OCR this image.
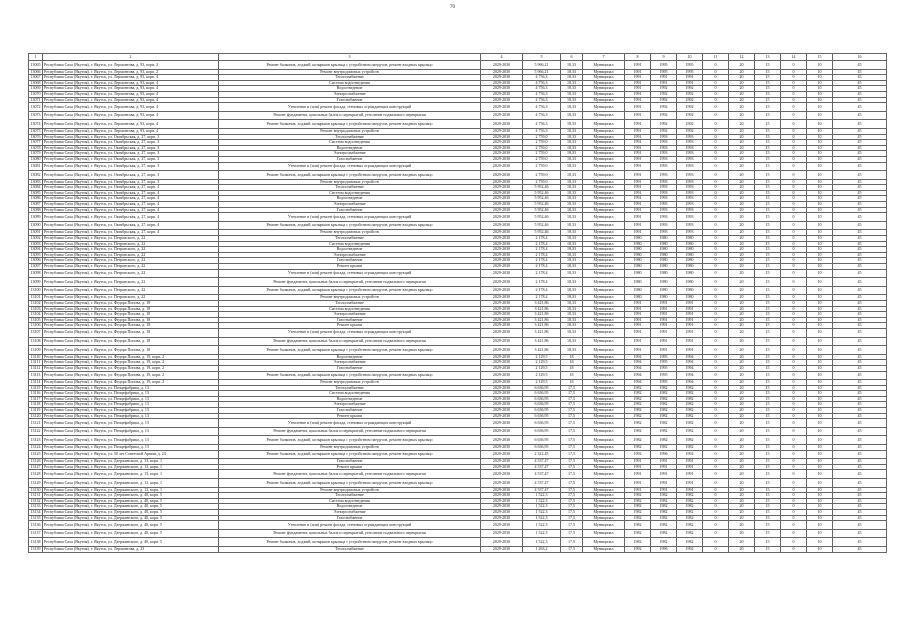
70
1	2	3	4	5	6	7	8	9	10	11	12	13	14	15	16
13065	Республика Саха (Якутия), г. Якутск, ул. Лермонтова, д. 93, корп. 2	Ремонт балконов, лоджий, козырьков крыльца с устройством пандусов, ремонт входных крыльцо	2029-2030	5 966,21	18,33	Муниципал	1991	1995	1995	0	20	15	0	10	45
13066	Республика Саха (Якутия), г. Якутск, ул. Лермонтова, д. 93, корп. 2	Ремонт внутридомовых устройств	2029-2030	5 966,21	18,33	Муниципал	1991	1995	1995	0	20	15	0	10	45
13067	Республика Саха (Якутия), г. Якутск, ул. Лермонтова, д. 93, корп. 4	Теплоснабжение	2029-2030	4 756,3	18,33	Муниципал	1991	1991	1991	0	20	15	0	10	45
13068	Республика Саха (Якутия), г. Якутск, ул. Лермонтова, д. 93, корп. 4	Система водоотведения	2029-2030	4 756,3	18,33	Муниципал	1991	1991	1991	0	20	15	0	10	45
13069	Республика Саха (Якутия), г. Якутск, ул. Лермонтова, д. 93, корп. 4	Водоотведение	2029-2030	4 756,3	18,33	Муниципал	1991	1992	1992	0	20	15	0	10	45
13070	Республика Саха (Якутия), г. Якутск, ул. Лермонтова, д. 93, корп. 4	Электроснабжение	2029-2030	4 756,3	18,33	Муниципал	1991	1992	1992	0	20	15	0	10	45
13071	Республика Саха (Якутия), г. Якутск, ул. Лермонтова, д. 93, корп. 4	Газоснабжение	2029-2030	4 756,3	18,33	Муниципал	1991	1992	1992	0	20	15	0	10	45
13072	Республика Саха (Якутия), г. Якутск, ул. Лермонтова, д. 93, корп. 4	Утепление и (или) ремонт фасада, стеновых ограждающих конструкций	2029-2030	4 756,3	18,33	Муниципал	1991	1992	1992	0	20	15	0	10	45
13073	Республика Саха (Якутия), г. Якутск, ул. Лермонтова, д. 93, корп. 4	Ремонт фундамента, цокольных балок и перекрытий, утепление подвального перекрытия	2029-2030	4 756,3	18,33	Муниципал	1991	1992	1992	0	20	15	0	10	45
13074	Республика Саха (Якутия), г. Якутск, ул. Лермонтова, д. 93, корп. 4	Ремонт балконов, лоджий, козырьков крыльца с устройством пандусов, ремонт входных крыльцо	2029-2030	4 756,3	18,33	Муниципал	1991	1992	1992	0	20	15	0	10	45
13075	Республика Саха (Якутия), г. Якутск, ул. Лермонтова, д. 93, корп. 4	Ремонт внутридомовых устройств	2029-2030	4 756,3	18,33	Муниципал	1991	1992	1992	0	20	15	0	10	45
13076	Республика Саха (Якутия), г. Якутск, ул. Октябрьская, д. 27, корп. 3	Теплоснабжение	2029-2030	2 759,0	18,33	Муниципал	1991	1993	1993	0	20	15	0	10	45
13077	Республика Саха (Якутия), г. Якутск, ул. Октябрьская, д. 27, корп. 3	Система водоотведения	2029-2030	2 759,0	18,33	Муниципал	1991	1993	1993	0	20	15	0	10	45
13078	Республика Саха (Якутия), г. Якутск, ул. Октябрьская, д. 27, корп. 3	Водоотведение	2029-2030	2 759,0	18,33	Муниципал	1991	1993	1993	0	20	15	0	10	45
13079	Республика Саха (Якутия), г. Якутск, ул. Октябрьская, д. 27, корп. 3	Электроснабжение	2029-2030	2 759,0	18,33	Муниципал	1991	1993	1993	0	20	15	0	10	45
13080	Республика Саха (Якутия), г. Якутск, ул. Октябрьская, д. 27, корп. 3	Газоснабжение	2029-2030	2 759,0	18,33	Муниципал	1991	1993	1993	0	20	15	0	10	45
13081	Республика Саха (Якутия), г. Якутск, ул. Октябрьская, д. 27, корп. 3	Утепление и (или) ремонт фасада, стеновых ограждающих конструкций	2029-2030	2 759,0	18,33	Муниципал	1991	1993	1993	0	20	15	0	10	45
13082	Республика Саха (Якутия), г. Якутск, ул. Октябрьская, д. 27, корп. 3	Ремонт балконов, лоджий, козырьков крыльца с устройством пандусов, ремонт входных крыльцо	2029-2030	2 759,0	18,33	Муниципал	1991	1993	1993	0	20	15	0	10	45
13083	Республика Саха (Якутия), г. Якутск, ул. Октябрьская, д. 27, корп. 3	Ремонт внутридомовых устройств	2029-2030	2 759,0	18,33	Муниципал	1991	1993	1993	0	20	15	0	10	45
13084	Республика Саха (Якутия), г. Якутск, ул. Октябрьская, д. 27, корп. 4	Теплоснабжение	2029-2030	5 952,46	18,33	Муниципал	1991	1993	1993	0	20	15	0	10	45
13085	Республика Саха (Якутия), г. Якутск, ул. Октябрьская, д. 27, корп. 4	Система водоотведения	2029-2030	5 952,46	18,33	Муниципал	1991	1993	1993	0	20	15	0	10	45
13086	Республика Саха (Якутия), г. Якутск, ул. Октябрьская, д. 27, корп. 4	Водоотведение	2029-2030	5 952,46	18,33	Муниципал	1991	1993	1993	0	20	15	0	10	45
13087	Республика Саха (Якутия), г. Якутск, ул. Октябрьская, д. 27, корп. 4	Электроснабжение	2029-2030	5 952,46	18,33	Муниципал	1991	1993	1993	0	20	15	0	10	45
13088	Республика Саха (Якутия), г. Якутск, ул. Октябрьская, д. 27, корп. 4	Газоснабжение	2029-2030	5 952,46	18,33	Муниципал	1991	1993	1993	0	20	15	0	10	45
13089	Республика Саха (Якутия), г. Якутск, ул. Октябрьская, д. 27, корп. 4	Утепление и (или) ремонт фасада, стеновых ограждающих конструкций	2029-2030	5 952,46	18,33	Муниципал	1991	1993	1993	0	20	15	0	10	45
13090	Республика Саха (Якутия), г. Якутск, ул. Октябрьская, д. 27, корп. 4	Ремонт балконов, лоджий, козырьков крыльца с устройством пандусов, ремонт входных крыльцо	2029-2030	5 952,46	18,33	Муниципал	1991	1993	1993	0	20	15	0	10	45
13091	Республика Саха (Якутия), г. Якутск, ул. Октябрьская, д. 27, корп. 4	Ремонт внутридомовых устройств	2029-2030	5 952,46	18,33	Муниципал	1991	1993	1993	0	20	15	0	10	45
13092	Республика Саха (Якутия), г. Якутск, ул. Петровского, д. 22	Теплоснабжение	2029-2030	2 178,4	18,33	Муниципал	1980	1980	1980	0	20	15	0	10	45
13093	Республика Саха (Якутия), г. Якутск, ул. Петровского, д. 22	Система водоотведения	2029-2030	2 178,4	18,33	Муниципал	1980	1980	1980	0	20	15	0	10	45
13094	Республика Саха (Якутия), г. Якутск, ул. Петровского, д. 22	Водоотведение	2029-2030	2 178,4	18,33	Муниципал	1980	1980	1980	0	20	15	0	10	45
13095	Республика Саха (Якутия), г. Якутск, ул. Петровского, д. 22	Электроснабжение	2029-2030	2 178,4	18,33	Муниципал	1980	1980	1980	0	20	15	0	10	45
13096	Республика Саха (Якутия), г. Якутск, ул. Петровского, д. 22	Газоснабжение	2029-2030	2 178,4	18,33	Муниципал	1980	1980	1980	0	20	15	0	10	45
13097	Республика Саха (Якутия), г. Якутск, ул. Петровского, д. 22	Ремонт крыши	2029-2030	2 178,4	18,33	Муниципал	1980	1980	1980	0	20	15	0	10	45
13098	Республика Саха (Якутия), г. Якутск, ул. Петровского, д. 22	Утепление и (или) ремонт фасада, стеновых ограждающих конструкций	2029-2030	2 178,4	18,33	Муниципал	1980	1980	1980	0	20	15	0	10	45
13099	Республика Саха (Якутия), г. Якутск, ул. Петровского, д. 22	Ремонт фундамента, цокольных балок и перекрытий, утепление подвального перекрытия	2029-2030	2 178,4	18,33	Муниципал	1980	1980	1980	0	20	15	0	10	45
13100	Республика Саха (Якутия), г. Якутск, ул. Петровского, д. 22	Ремонт балконов, лоджий, козырьков крыльца с устройством пандусов, ремонт входных крыльцо	2029-2030	2 178,4	18,33	Муниципал	1980	1980	1980	0	20	15	0	10	45
13101	Республика Саха (Якутия), г. Якутск, ул. Петровского, д. 22	Ремонт внутридомовых устройств	2029-2030	2 178,4	18,33	Муниципал	1980	1980	1980	0	20	15	0	10	45
13102	Республика Саха (Якутия), г. Якутск, ул. Федора Попова, д. 18	Теплоснабжение	2029-2030	3 421,86	18,33	Муниципал	1991	1991	1991	0	20	15	0	10	45
13103	Республика Саха (Якутия), г. Якутск, ул. Федора Попова, д. 18	Система водоотведения	2029-2030	3 421,86	18,33	Муниципал	1991	1991	1991	0	20	15	0	10	45
13104	Республика Саха (Якутия), г. Якутск, ул. Федора Попова, д. 18	Электроснабжение	2029-2030	3 421,86	18,33	Муниципал	1991	1991	1991	0	20	15	0	10	45
13105	Республика Саха (Якутия), г. Якутск, ул. Федора Попова, д. 18	Газоснабжение	2029-2030	3 421,86	18,33	Муниципал	1991	1991	1991	0	20	15	0	10	45
13106	Республика Саха (Якутия), г. Якутск, ул. Федора Попова, д. 18	Ремонт крыши	2029-2030	3 421,86	18,33	Муниципал	1991	1991	1991	0	20	15	0	10	45
13107	Республика Саха (Якутия), г. Якутск, ул. Федора Попова, д. 18	Утепление и (или) ремонт фасада, стеновых ограждающих конструкций	2029-2030	3 421,86	18,33	Муниципал	1991	1991	1991	0	20	15	0	10	45
13108	Республика Саха (Якутия), г. Якутск, ул. Федора Попова, д. 18	Ремонт фундамента, цокольных балок и перекрытий, утепление подвального перекрытия	2029-2030	3 421,86	18,33	Муниципал	1991	1991	1991	0	20	15	0	10	45
13109	Республика Саха (Якутия), г. Якутск, ул. Федора Попова, д. 18	Ремонт балконов, лоджий, козырьков крыльца с устройством пандусов, ремонт входных крыльцо	2029-2030	3 421,86	18,33	Муниципал	1991	1991	1991	0	20	15	0	10	45
13110	Республика Саха (Якутия), г. Якутск, ул. Федора Попова, д. 19, корп. 2	Водоотведение	2029-2030	2 129,5	18	Муниципал	1994	1995	1994	0	20	15	0	10	45
13111	Республика Саха (Якутия), г. Якутск, ул. Федора Попова, д. 19, корп. 2	Электроснабжение	2029-2030	2 129,5	18	Муниципал	1994	1995	1994	0	20	15	0	10	45
13112	Республика Саха (Якутия), г. Якутск, ул. Федора Попова, д. 19, корп. 2	Газоснабжение	2029-2030	2 129,5	18	Муниципал	1994	1995	1994	0	20	15	0	10	45
13113	Республика Саха (Якутия), г. Якутск, ул. Федора Попова, д. 19, корп. 2	Ремонт балконов, лоджий, козырьков крыльца с устройством пандусов, ремонт входных крыльцо	2029-2030	2 129,5	18	Муниципал	1994	1995	1994	0	20	15	0	10	45
13114	Республика Саха (Якутия), г. Якутск, ул. Федора Попова, д. 19, корп. 2	Ремонт внутридомовых устройств	2029-2030	2 129,5	18	Муниципал	1994	1995	1994	0	20	15	0	10	45
13115	Республика Саха (Якутия), г. Якутск, ул. Птицефабрика, д. 13	Теплоснабжение	2029-2030	6 636,95	17,5	Муниципал	1982	1982	1982	0	20	15	0	10	45
13116	Республика Саха (Якутия), г. Якутск, ул. Птицефабрика, д. 13	Система водоотведения	2029-2030	6 636,95	17,5	Муниципал	1982	1982	1982	0	20	15	0	10	45
13117	Республика Саха (Якутия), г. Якутск, ул. Птицефабрика, д. 13	Водоотведение	2029-2030	6 636,95	17,5	Муниципал	1982	1982	1982	0	20	15	0	10	45
13118	Республика Саха (Якутия), г. Якутск, ул. Птицефабрика, д. 13	Электроснабжение	2029-2030	6 636,95	17,5	Муниципал	1982	1982	1982	0	20	15	0	10	45
13119	Республика Саха (Якутия), г. Якутск, ул. Птицефабрика, д. 13	Газоснабжение	2029-2030	6 636,95	17,5	Муниципал	1982	1982	1982	0	20	15	0	10	45
13120	Республика Саха (Якутия), г. Якутск, ул. Птицефабрика, д. 13	Ремонт крыши	2029-2030	6 636,95	17,5	Муниципал	1982	1982	1982	0	20	15	0	10	45
13121	Республика Саха (Якутия), г. Якутск, ул. Птицефабрика, д. 13	Утепление и (или) ремонт фасада, стеновых ограждающих конструкций	2029-2030	6 636,95	17,5	Муниципал	1982	1982	1982	0	20	15	0	10	45
13122	Республика Саха (Якутия), г. Якутск, ул. Птицефабрика, д. 13	Ремонт фундамента, цокольных балок и перекрытий, утепление подвального перекрытия	2029-2030	6 636,95	17,5	Муниципал	1982	1982	1982	0	20	15	0	10	45
13123	Республика Саха (Якутия), г. Якутск, ул. Птицефабрика, д. 13	Ремонт балконов, лоджий, козырьков крыльца с устройством пандусов, ремонт входных крыльцо	2029-2030	6 636,95	17,5	Муниципал	1982	1982	1982	0	20	15	0	10	45
13124	Республика Саха (Якутия), г. Якутск, ул. Птицефабрика, д. 13	Ремонт внутридомовых устройств	2029-2030	6 636,95	17,5	Муниципал	1982	1982	1982	0	20	15	0	10	45
13125	Республика Саха (Якутия), г. Якутск, ул. 50 лет Советской Армии, д. 23	Ремонт балконов, лоджий, козырьков крыльца с устройством пандусов, ремонт входных крыльцо	2029-2030	2 322,45	17,5	Муниципал	1992	1996	1992	0	20	15	0	10	45
13126	Республика Саха (Якутия), г. Якутск, ул. Дзержинского, д. 13, корп. 1	Газоснабжение	2029-2030	4 537,47	17,5	Муниципал	1991	1991	1991	0	20	15	0	10	45
13127	Республика Саха (Якутия), г. Якутск, ул. Дзержинского, д. 13, корп. 1	Ремонт крыши	2029-2030	4 537,47	17,5	Муниципал	1991	1991	1991	0	20	15	0	10	45
13128	Республика Саха (Якутия), г. Якутск, ул. Дзержинского, д. 13, корп. 1	Ремонт фундамента, цокольных балок и перекрытий, утепление подвального перекрытия	2029-2030	4 537,47	17,5	Муниципал	1991	1991	1991	0	20	15	0	10	45
13129	Республика Саха (Якутия), г. Якутск, ул. Дзержинского, д. 13, корп. 1	Ремонт балконов, лоджий, козырьков крыльца с устройством пандусов, ремонт входных крыльцо	2029-2030	4 537,47	17,5	Муниципал	1991	1991	1991	0	20	15	0	10	45
13130	Республика Саха (Якутия), г. Якутск, ул. Дзержинского, д. 13, корп. 1	Ремонт внутридомовых устройств	2029-2030	4 537,47	17,5	Муниципал	1991	1991	1991	0	20	15	0	10	45
13131	Республика Саха (Якутия), г. Якутск, ул. Дзержинского, д. 40, корп. 5	Теплоснабжение	2029-2030	1 522,3	17,5	Муниципал	1982	1982	1982	0	20	15	0	10	45
13132	Республика Саха (Якутия), г. Якутск, ул. Дзержинского, д. 40, корп. 5	Система водоотведения	2029-2030	1 522,3	17,5	Муниципал	1982	1982	1982	0	20	15	0	10	45
13133	Республика Саха (Якутия), г. Якутск, ул. Дзержинского, д. 40, корп. 5	Водоотведение	2029-2030	1 522,3	17,5	Муниципал	1982	1982	1982	0	20	15	0	10	45
13134	Республика Саха (Якутия), г. Якутск, ул. Дзержинского, д. 40, корп. 5	Электроснабжение	2029-2030	1 522,3	17,5	Муниципал	1982	1982	1982	0	20	15	0	10	45
13135	Республика Саха (Якутия), г. Якутск, ул. Дзержинского, д. 40, корп. 5	Газоснабжение	2029-2030	1 522,3	17,5	Муниципал	1982	1982	1982	0	20	15	0	10	45
13136	Республика Саха (Якутия), г. Якутск, ул. Дзержинского, д. 40, корп. 5	Утепление и (или) ремонт фасада, стеновых ограждающих конструкций	2029-2030	1 522,3	17,5	Муниципал	1982	1982	1982	0	20	15	0	10	45
13137	Республика Саха (Якутия), г. Якутск, ул. Дзержинского, д. 40, корп. 5	Ремонт фундамента, цокольных балок и перекрытий, утепление подвального перекрытия	2029-2030	1 522,3	17,5	Муниципал	1982	1982	1982	0	20	15	0	10	45
13138	Республика Саха (Якутия), г. Якутск, ул. Дзержинского, д. 40, корп. 5	Ремонт балконов, лоджий, козырьков крыльца с устройством пандусов, ремонт входных крыльцо	2029-2030	1 522,3	17,5	Муниципал	1982	1982	1982	0	20	15	0	10	45
13139	Республика Саха (Якутия), г. Якутск, ул. Лермонтова, д. 23	Теплоснабжение	2029-2030	1 263,2	17,5	Муниципал	1992	1996	1992	0	20	15	0	10	45
